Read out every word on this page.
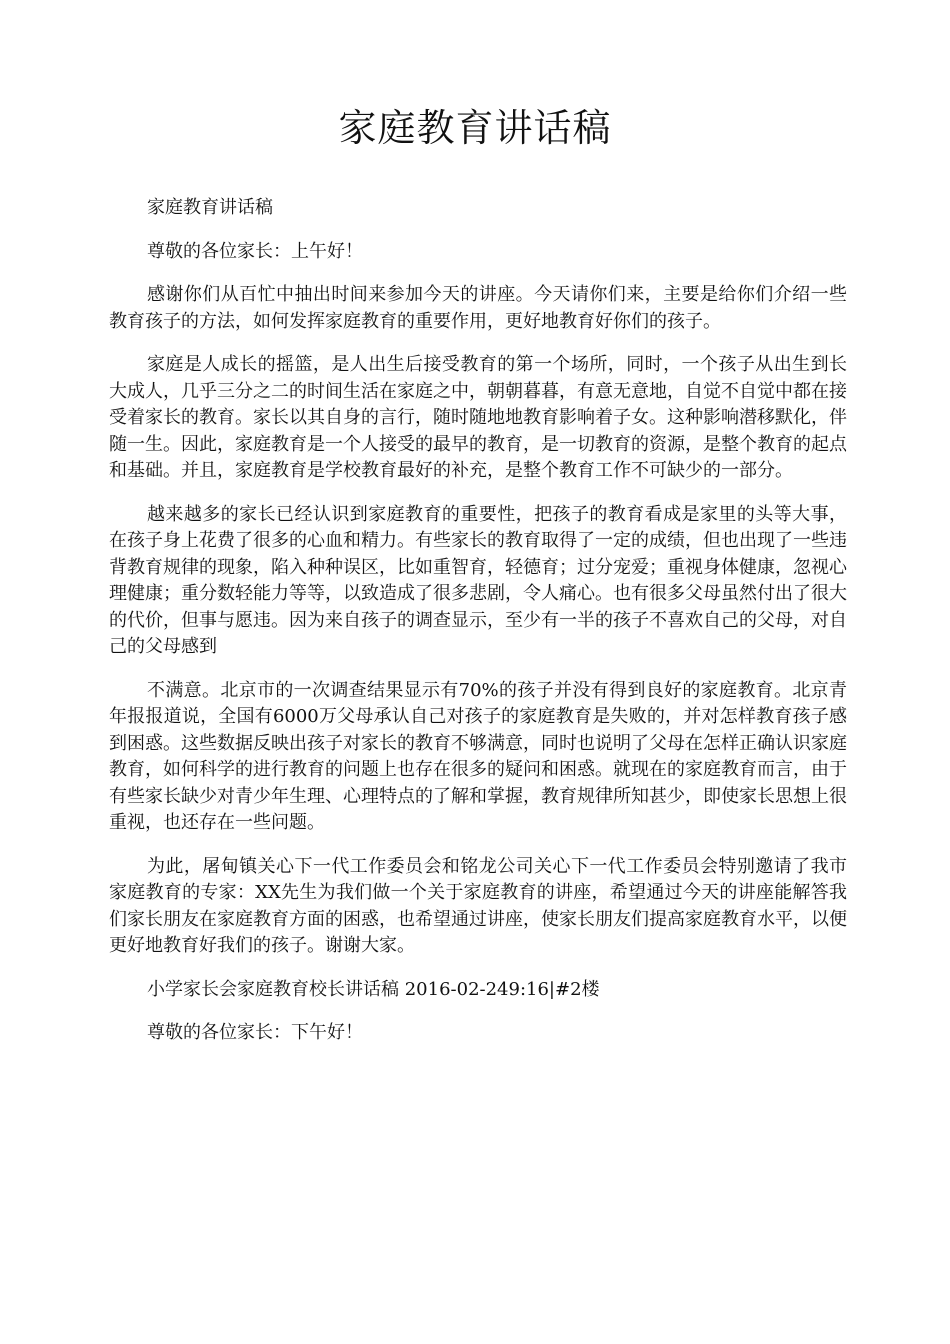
家庭教育讲话稿

家庭教育讲话稿

尊敬的各位家长：上午好！

感谢你们从百忙中抽出时间来参加今天的讲座。今天请你们来，主要是给你们介绍一些教育孩子的方法，如何发挥家庭教育的重要作用，更好地教育好你们的孩子。

家庭是人成长的摇篮，是人出生后接受教育的第一个场所，同时，一个孩子从出生到长大成人，几乎三分之二的时间生活在家庭之中，朝朝暮暮，有意无意地，自觉不自觉中都在接受着家长的教育。家长以其自身的言行，随时随地地教育影响着子女。这种影响潜移默化，伴随一生。因此，家庭教育是一个人接受的最早的教育，是一切教育的资源，是整个教育的起点和基础。并且，家庭教育是学校教育最好的补充，是整个教育工作不可缺少的一部分。

越来越多的家长已经认识到家庭教育的重要性，把孩子的教育看成是家里的头等大事，在孩子身上花费了很多的心血和精力。有些家长的教育取得了一定的成绩，但也出现了一些违背教育规律的现象，陷入种种误区，比如重智育，轻德育；过分宠爱；重视身体健康，忽视心理健康；重分数轻能力等等，以致造成了很多悲剧，令人痛心。也有很多父母虽然付出了很大的代价，但事与愿违。因为来自孩子的调查显示，至少有一半的孩子不喜欢自己的父母，对自己的父母感到

不满意。北京市的一次调查结果显示有70%的孩子并没有得到良好的家庭教育。北京青年报报道说，全国有6000万父母承认自己对孩子的家庭教育是失败的，并对怎样教育孩子感到困惑。这些数据反映出孩子对家长的教育不够满意，同时也说明了父母在怎样正确认识家庭教育，如何科学的进行教育的问题上也存在很多的疑问和困惑。就现在的家庭教育而言，由于有些家长缺少对青少年生理、心理特点的了解和掌握，教育规律所知甚少，即使家长思想上很重视，也还存在一些问题。

为此，屠甸镇关心下一代工作委员会和铭龙公司关心下一代工作委员会特别邀请了我市家庭教育的专家：XX先生为我们做一个关于家庭教育的讲座，希望通过今天的讲座能解答我们家长朋友在家庭教育方面的困惑，也希望通过讲座，使家长朋友们提高家庭教育水平，以便更好地教育好我们的孩子。谢谢大家。

小学家长会家庭教育校长讲话稿 2016-02-249:16|#2楼

尊敬的各位家长：下午好！
